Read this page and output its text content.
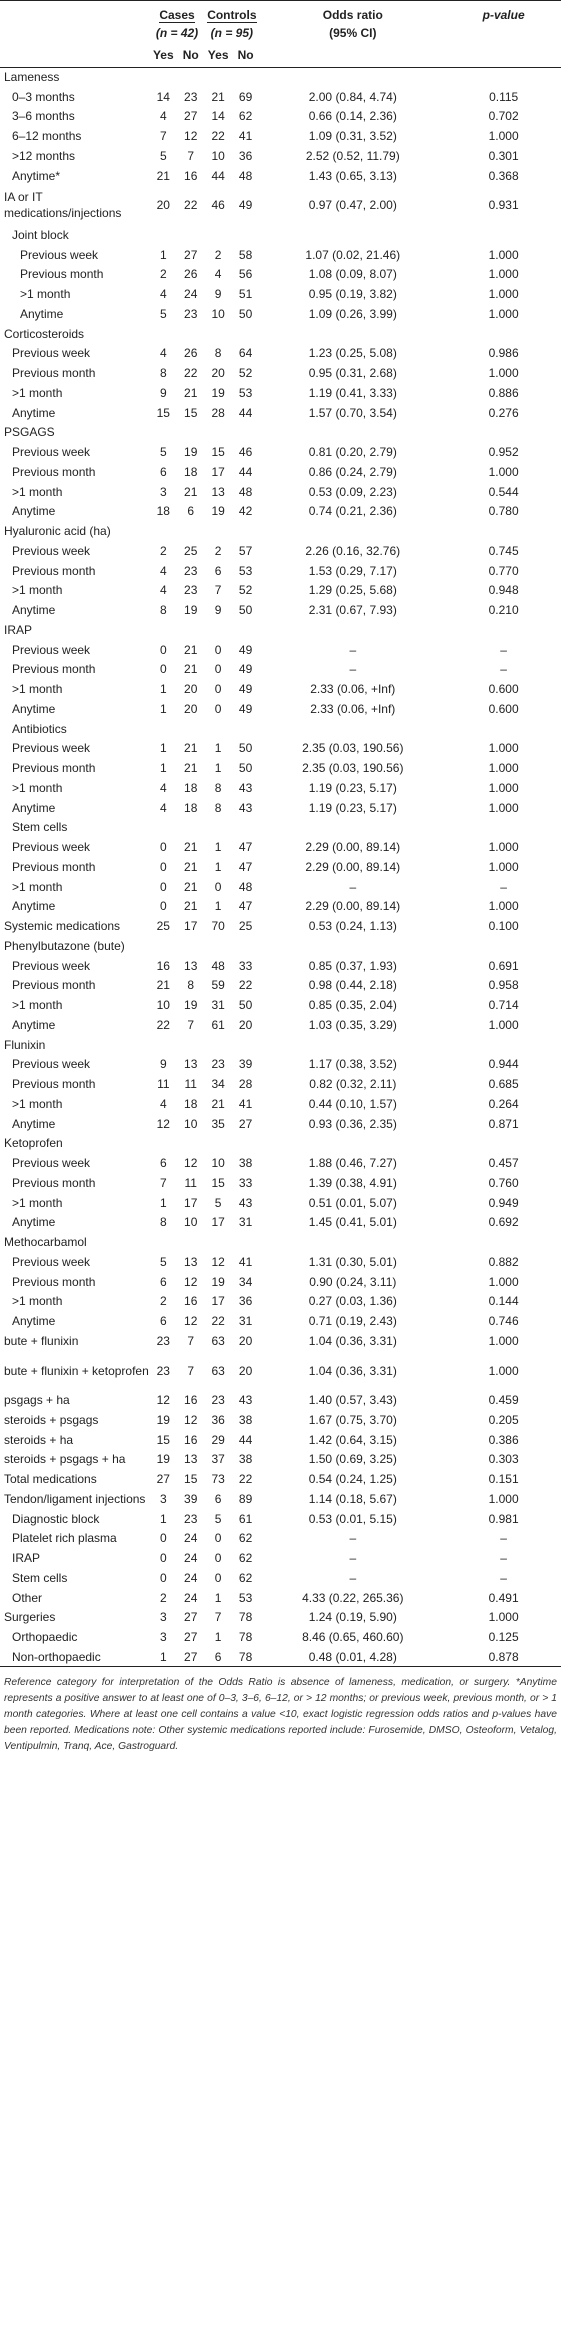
	Cases		Controls		Odds ratio	p-value
	(n = 42)		(n = 95)		(95% CI)	
	Yes	No	Yes	No		
Lameness						
0–3 months	14	23	21	69	2.00 (0.84, 4.74)	0.115
3–6 months	4	27	14	62	0.66 (0.14, 2.36)	0.702
6–12 months	7	12	22	41	1.09 (0.31, 3.52)	1.000
>12 months	5	7	10	36	2.52 (0.52, 11.79)	0.301
Anytime*	21	16	44	48	1.43 (0.65, 3.13)	0.368
IA or IT medications/injections	20	22	46	49	0.97 (0.47, 2.00)	0.931
Joint block						
Previous week	1	27	2	58	1.07 (0.02, 21.46)	1.000
Previous month	2	26	4	56	1.08 (0.09, 8.07)	1.000
>1 month	4	24	9	51	0.95 (0.19, 3.82)	1.000
Anytime	5	23	10	50	1.09 (0.26, 3.99)	1.000
Corticosteroids						
Previous week	4	26	8	64	1.23 (0.25, 5.08)	0.986
Previous month	8	22	20	52	0.95 (0.31, 2.68)	1.000
>1 month	9	21	19	53	1.19 (0.41, 3.33)	0.886
Anytime	15	15	28	44	1.57 (0.70, 3.54)	0.276
PSGAGS						
Previous week	5	19	15	46	0.81 (0.20, 2.79)	0.952
Previous month	6	18	17	44	0.86 (0.24, 2.79)	1.000
>1 month	3	21	13	48	0.53 (0.09, 2.23)	0.544
Anytime	18	6	19	42	0.74 (0.21, 2.36)	0.780
Hyaluronic acid (ha)						
Previous week	2	25	2	57	2.26 (0.16, 32.76)	0.745
Previous month	4	23	6	53	1.53 (0.29, 7.17)	0.770
>1 month	4	23	7	52	1.29 (0.25, 5.68)	0.948
Anytime	8	19	9	50	2.31 (0.67, 7.93)	0.210
IRAP						
Previous week	0	21	0	49	–	–
Previous month	0	21	0	49	–	–
>1 month	1	20	0	49	2.33 (0.06, +Inf)	0.600
Anytime	1	20	0	49	2.33 (0.06, +Inf)	0.600
Antibiotics						
Previous week	1	21	1	50	2.35 (0.03, 190.56)	1.000
Previous month	1	21	1	50	2.35 (0.03, 190.56)	1.000
>1 month	4	18	8	43	1.19 (0.23, 5.17)	1.000
Anytime	4	18	8	43	1.19 (0.23, 5.17)	1.000
Stem cells						
Previous week	0	21	1	47	2.29 (0.00, 89.14)	1.000
Previous month	0	21	1	47	2.29 (0.00, 89.14)	1.000
>1 month	0	21	0	48	–	–
Anytime	0	21	1	47	2.29 (0.00, 89.14)	1.000
Systemic medications	25	17	70	25	0.53 (0.24, 1.13)	0.100
Phenylbutazone (bute)						
Previous week	16	13	48	33	0.85 (0.37, 1.93)	0.691
Previous month	21	8	59	22	0.98 (0.44, 2.18)	0.958
>1 month	10	19	31	50	0.85 (0.35, 2.04)	0.714
Anytime	22	7	61	20	1.03 (0.35, 3.29)	1.000
Flunixin						
Previous week	9	13	23	39	1.17 (0.38, 3.52)	0.944
Previous month	11	11	34	28	0.82 (0.32, 2.11)	0.685
>1 month	4	18	21	41	0.44 (0.10, 1.57)	0.264
Anytime	12	10	35	27	0.93 (0.36, 2.35)	0.871
Ketoprofen						
Previous week	6	12	10	38	1.88 (0.46, 7.27)	0.457
Previous month	7	11	15	33	1.39 (0.38, 4.91)	0.760
>1 month	1	17	5	43	0.51 (0.01, 5.07)	0.949
Anytime	8	10	17	31	1.45 (0.41, 5.01)	0.692
Methocarbamol						
Previous week	5	13	12	41	1.31 (0.30, 5.01)	0.882
Previous month	6	12	19	34	0.90 (0.24, 3.11)	1.000
>1 month	2	16	17	36	0.27 (0.03, 1.36)	0.144
Anytime	6	12	22	31	0.71 (0.19, 2.43)	0.746
bute + flunixin	23	7	63	20	1.04 (0.36, 3.31)	1.000
bute + flunixin + ketoprofen	23	7	63	20	1.04 (0.36, 3.31)	1.000
psgags + ha	12	16	23	43	1.40 (0.57, 3.43)	0.459
steroids + psgags	19	12	36	38	1.67 (0.75, 3.70)	0.205
steroids + ha	15	16	29	44	1.42 (0.64, 3.15)	0.386
steroids + psgags + ha	19	13	37	38	1.50 (0.69, 3.25)	0.303
Total medications	27	15	73	22	0.54 (0.24, 1.25)	0.151
Tendon/ligament injections	3	39	6	89	1.14 (0.18, 5.67)	1.000
Diagnostic block	1	23	5	61	0.53 (0.01, 5.15)	0.981
Platelet rich plasma	0	24	0	62	–	–
IRAP	0	24	0	62	–	–
Stem cells	0	24	0	62	–	–
Other	2	24	1	53	4.33 (0.22, 265.36)	0.491
Surgeries	3	27	7	78	1.24 (0.19, 5.90)	1.000
Orthopaedic	3	27	1	78	8.46 (0.65, 460.60)	0.125
Non-orthopaedic	1	27	6	78	0.48 (0.01, 4.28)	0.878

Reference category for interpretation of the Odds Ratio is absence of lameness, medication, or surgery. *Anytime represents a positive answer to at least one of 0–3, 3–6, 6–12, or > 12 months; or previous week, previous month, or > 1 month categories. Where at least one cell contains a value <10, exact logistic regression odds ratios and p-values have been reported. Medications note: Other systemic medications reported include: Furosemide, DMSO, Osteoform, Vetalog, Ventipulmin, Tranq, Ace, Gastroguard.
